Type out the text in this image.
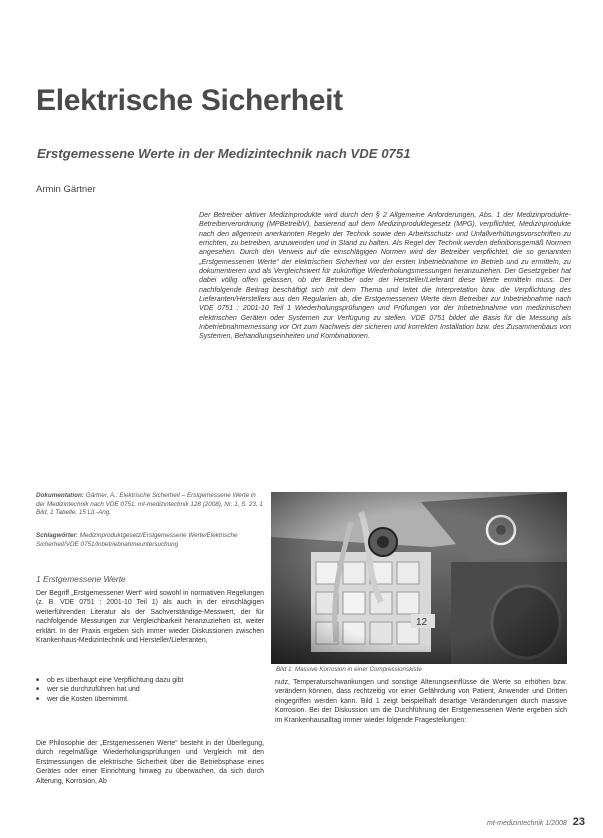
Elektrische Sicherheit
Erstgemessene Werte in der Medizintechnik nach VDE 0751
Armin Gärtner
Der Betreiber aktiver Medizinprodukte wird durch den § 2 Allgemeine Anforderungen, Abs. 1 der Medizinprodukte-Betreiberverordnung (MPBetreibV), basierend auf dem Medizinproduktegesetz (MPG), verpflichtet, Medizinprodukte nach den allgemein anerkannten Regeln der Technik sowie den Arbeitsschutz- und Unfallverhütungsvorschriften zu errichten, zu betreiben, anzuwenden und in Stand zu halten. Als Regel der Technik werden definitionsgemäß Normen angesehen. Durch den Verweis auf die einschlägigen Normen wird der Betreiber verpflichtet, die so genannten „Erstgemessenen Werte“ der elektrischen Sicherheit vor der ersten Inbetriebnahme im Betrieb und zu ermitteln, zu dokumentieren und als Vergleichswert für zukünftige Wiederholungsmessungen heranzuziehen. Der Gesetzgeber hat dabei völlig offen gelassen, ob der Betreiber oder der Hersteller/Lieferant diese Werte ermitteln muss. Der nachfolgende Beitrag beschäftigt sich mit dem Thema und leitet die Interpretation bzw. die Verpflichtung des Lieferanten/Herstellers aus den Regularien ab, die Erstgemessenen Werte dem Betreiber zur Inbetriebnahme nach VDE 0751 : 2001-10 Teil 1 Wiederholungsprüfungen und Prüfungen vor der Inbetriebnahme von medizinischen elektrischen Geräten oder Systemen zur Verfügung zu stellen. VDE 0751 bildet die Basis für die Messung als Inbetriebnahmemessung vor Ort zum Nachweis der sicheren und korrekten Installation bzw. des Zusammenbaus von Systemen, Behandlungseinheiten und Kombinationen.
Dokumentation: Gärtner, A.: Elektrische Sicherheit – Erstgemessene Werte in der Medizintechnik nach VDE 0751. mt-medizintechnik 128 (2008), Nr. 1, S. 23, 1 Bild, 1 Tabelle, 15 Lit.-Ang.
Schlagwörter: Medizinproduktgesetz/Erstgemessene Werte/Elektrische Sicherheit/VDE 0751/Inbetriebnahmeuntersuchung
1 Erstgemessene Werte
Der Begriff „Erstgemessener Wert“ wird sowohl in normativen Regelungen (z. B. VDE 0751 : 2001-10 Teil 1) als auch in der einschlägigen weiterführenden Literatur als der Sachverständige-Messwert, der für nachfolgende Messungen zur Vergleichbarkeit heranzuziehen ist, weiter erklärt. In der Praxis ergeben sich immer wieder Diskussionen zwischen Krankenhaus-Medizintechnik und Hersteller/Lieferanten,
■ ob es überhaupt eine Verpflichtung dazu gibt
■ wer sie durchzuführen hat und
■ wer die Kosten übernimmt.
Die Philosophie der „Erstgemessenen Werte“ besteht in der Überlegung, durch regelmäßige Wiederholungsprüfungen und Vergleich mit den Erstmessungen die elektrische Sicherheit über die Betriebsphase eines Gerätes oder einer Einrichtung hinweg zu überwachen, da sich durch Alterung, Korrosion, Ab
Bild 1: Massive Korrosion in einer Compressionskiste
nutz, Temperaturschwankungen und sonstige Alterungseinflüsse die Werte so erhöhen bzw. verändern können, dass rechtzeitig vor einer Gefährdung von Patient, Anwender und Dritten eingegriffen werden kann. Bild 1 zeigt beispielhaft derartige Veränderungen durch massive Korrosion. Bei der Diskussion um die Durchführung der Erstgemessenen Werte ergeben sich im Krankenhausalltag immer wieder folgende Fragestellungen:
mt-medizintechnik 1/2008 23
